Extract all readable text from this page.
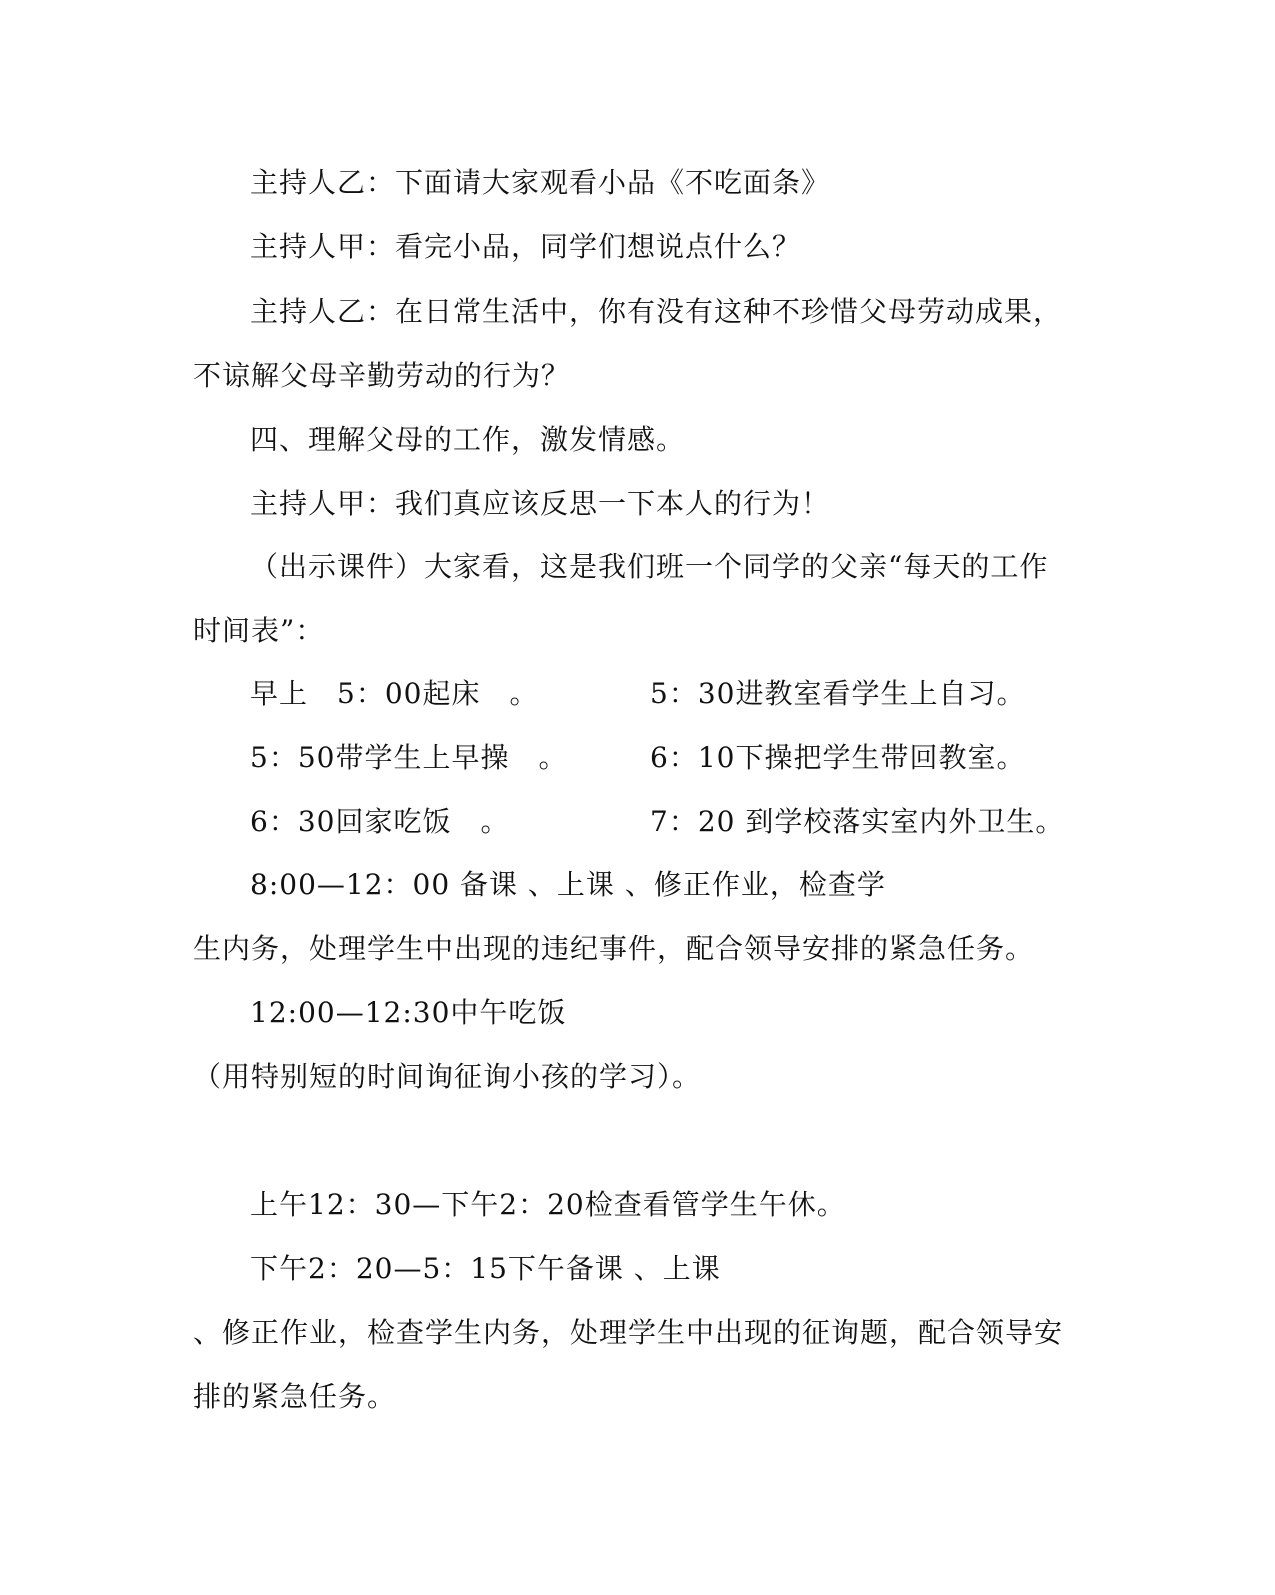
主持人乙：下面请大家观看小品《不吃面条》
主持人甲：看完小品，同学们想说点什么？
主持人乙：在日常生活中，你有没有这种不珍惜父母劳动成果，
不谅解父母辛勤劳动的行为？
四、理解父母的工作，激发情感。
主持人甲：我们真应该反思一下本人的行为！
（出示课件）大家看，这是我们班一个同学的父亲“每天的工作
时间表”：
早上　5：00起床　。	5：30进教室看学生上自习。
5：50带学生上早操　。	6：10下操把学生带回教室。
6：30回家吃饭　。	7：20 到学校落实室内外卫生。
8:00—12：00 备课 、上课 、修正作业，检查学
生内务，处理学生中出现的违纪事件，配合领导安排的紧急任务。
12:00—12:30中午吃饭
（用特别短的时间询征询小孩的学习）。
上午12：30—下午2：20检查看管学生午休。
下午2：20—5：15下午备课 、上课
、修正作业，检查学生内务，处理学生中出现的征询题，配合领导安
排的紧急任务。
